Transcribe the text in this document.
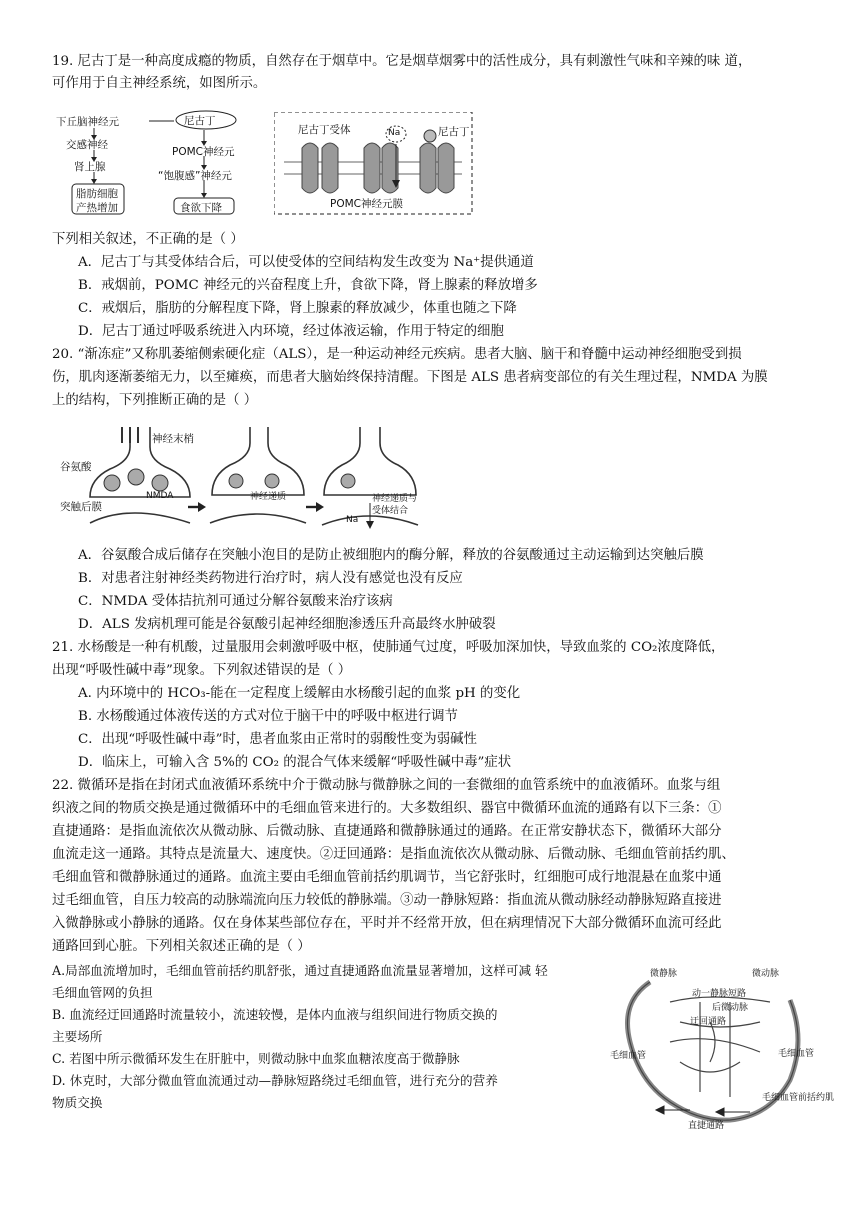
19. 尼古丁是一种高度成瘾的物质，自然存在于烟草中。它是烟草烟雾中的活性成分，具有刺激性气味和辛辣的味 道，
可作用于自主神经系统，如图所示。
下丘脑神经元	尼古丁
交感神经
肾上腺
脂肪细胞
产热增加
POMC神经元
“饱腹感”神经元
食欲下降
尼古丁受体	Na	尼古丁
POMC神经元膜
下列相关叙述，不正确的是（ ）
A．尼古丁与其受体结合后，可以使受体的空间结构发生改变为 Na⁺提供通道
B．戒烟前，POMC 神经元的兴奋程度上升，食欲下降，肾上腺素的释放增多
C．戒烟后，脂肪的分解程度下降，肾上腺素的释放减少，体重也随之下降
D．尼古丁通过呼吸系统进入内环境，经过体液运输，作用于特定的细胞
20. “渐冻症”又称肌萎缩侧索硬化症（ALS），是一种运动神经元疾病。患者大脑、脑干和脊髓中运动神经细胞受到损
伤，肌肉逐渐萎缩无力，以至瘫痪，而患者大脑始终保持清醒。下图是 ALS 患者病变部位的有关生理过程，NMDA 为膜
上的结构，下列推断正确的是（ ）
神经末梢
谷氨酸
突触后膜
NMDA	神经递质	神经递质与
受体结合
Na
A．谷氨酸合成后储存在突触小泡目的是防止被细胞内的酶分解，释放的谷氨酸通过主动运输到达突触后膜
B．对患者注射神经类药物进行治疗时，病人没有感觉也没有反应
C．NMDA 受体拮抗剂可通过分解谷氨酸来治疗该病
D．ALS 发病机理可能是谷氨酸引起神经细胞渗透压升高最终水肿破裂
21. 水杨酸是一种有机酸，过量服用会刺激呼吸中枢，使肺通气过度，呼吸加深加快，导致血浆的 CO₂浓度降低，
出现“呼吸性碱中毒”现象。下列叙述错误的是（ ）
A. 内环境中的 HCO₃-能在一定程度上缓解由水杨酸引起的血浆 pH 的变化
B. 水杨酸通过体液传送的方式对位于脑干中的呼吸中枢进行调节
C．出现“呼吸性碱中毒”时，患者血浆由正常时的弱酸性变为弱碱性
D．临床上，可输入含 5%的 CO₂ 的混合气体来缓解“呼吸性碱中毒”症状
22. 微循环是指在封闭式血液循环系统中介于微动脉与微静脉之间的一套微细的血管系统中的血液循环。血浆与组
织液之间的物质交换是通过微循环中的毛细血管来进行的。大多数组织、器官中微循环血流的通路有以下三条：①
直捷通路：是指血流依次从微动脉、后微动脉、直捷通路和微静脉通过的通路。在正常安静状态下，微循环大部分
血流走这一通路。其特点是流量大、速度快。②迂回通路：是指血流依次从微动脉、后微动脉、毛细血管前括约肌、
毛细血管和微静脉通过的通路。血流主要由毛细血管前括约肌调节，当它舒张时，红细胞可成行地混悬在血浆中通
过毛细血管，自压力较高的动脉端流向压力较低的静脉端。③动一静脉短路：指血流从微动脉经动静脉短路直接进
入微静脉或小静脉的通路。仅在身体某些部位存在，平时并不经常开放，但在病理情况下大部分微循环血流可经此
通路回到心脏。下列相关叙述正确的是（ ）
A.局部血流增加时，毛细血管前括约肌舒张，通过直捷通路血流量显著增加，这样可减 轻
毛细血管网的负担
B. 血流经迂回通路时流量较小，流速较慢，是体内血液与组织间进行物质交换的
主要场所
C. 若图中所示微循环发生在肝脏中，则微动脉中血浆血糖浓度高于微静脉
D. 休克时，大部分微血管血流通过动—静脉短路绕过毛细血管，进行充分的营养
物质交换
微静脉	微动脉
动一静脉短路
后微动脉
迂回通路
毛细血管	毛细血管
毛细血管前括约肌
直捷通路
